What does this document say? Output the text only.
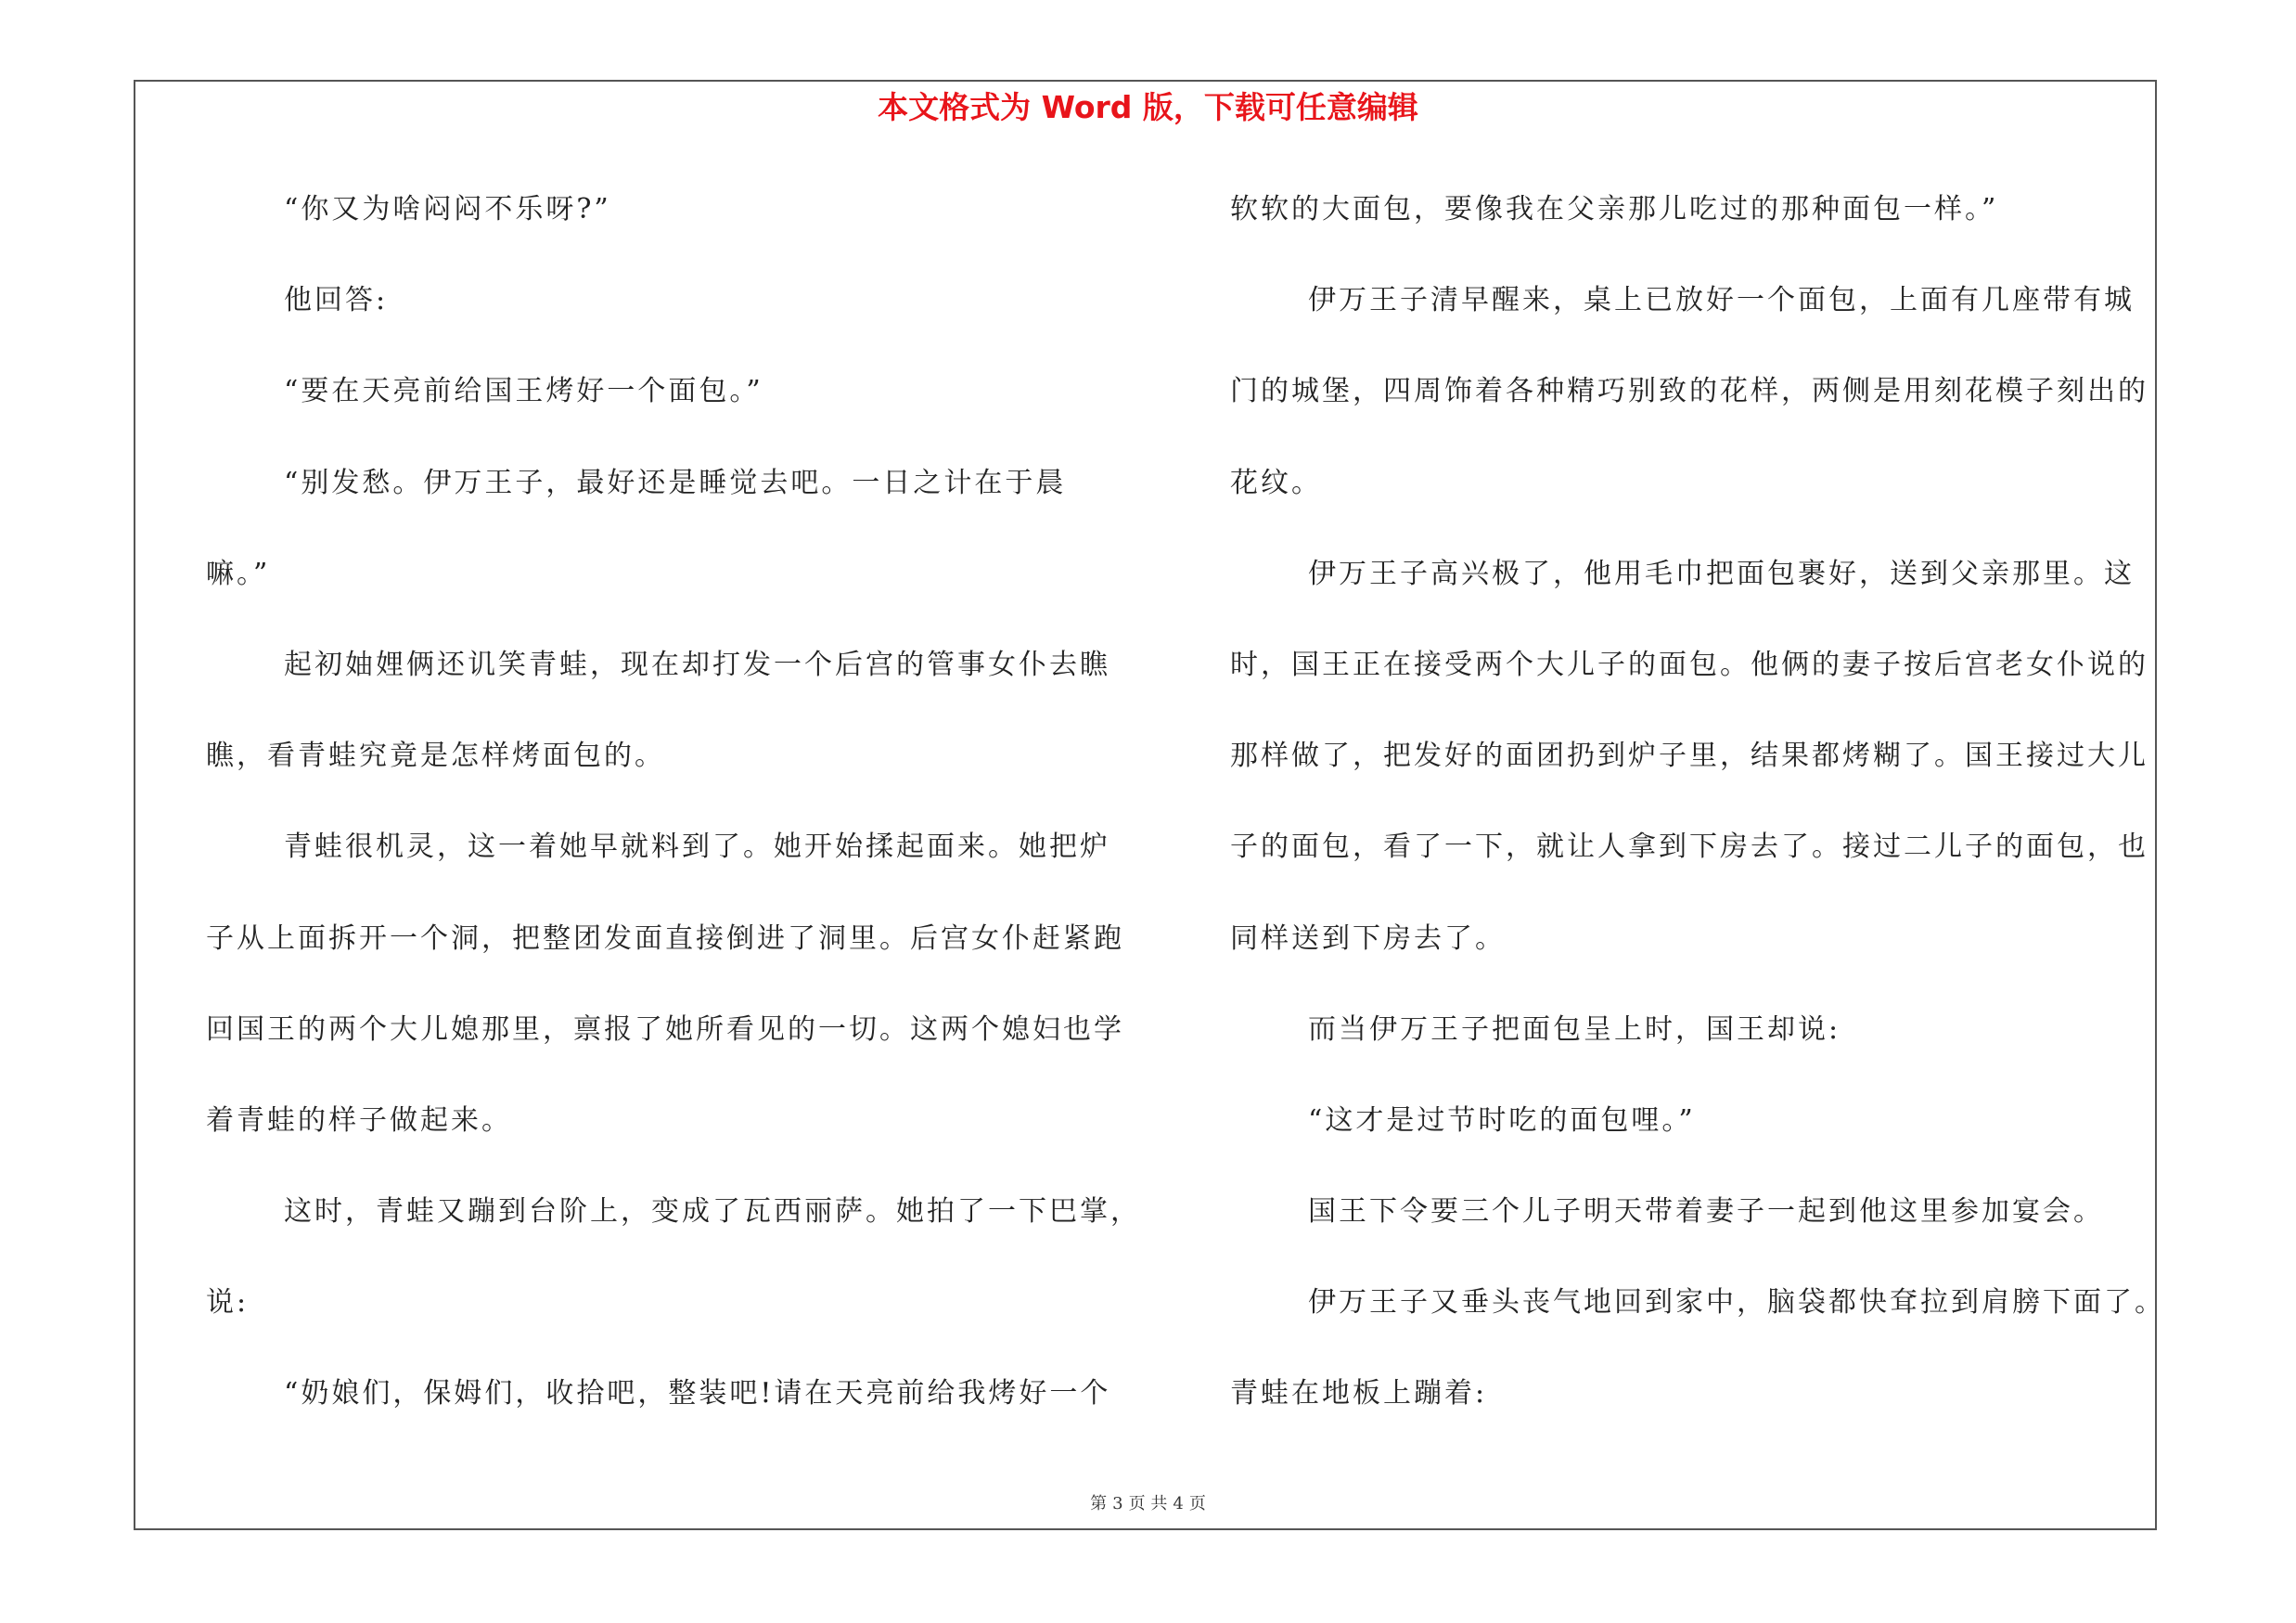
本文格式为 Word 版，下载可任意编辑

“你又为啥闷闷不乐呀?”

他回答:

“要在天亮前给国王烤好一个面包。”

“别发愁。伊万王子，最好还是睡觉去吧。一日之计在于晨

嘛。”

起初妯娌俩还讥笑青蛙，现在却打发一个后宫的管事女仆去瞧

瞧，看青蛙究竟是怎样烤面包的。

青蛙很机灵，这一着她早就料到了。她开始揉起面来。她把炉

子从上面拆开一个洞，把整团发面直接倒进了洞里。后宫女仆赶紧跑

回国王的两个大儿媳那里，禀报了她所看见的一切。这两个媳妇也学

着青蛙的样子做起来。

这时，青蛙又蹦到台阶上，变成了瓦西丽萨。她拍了一下巴掌，

说:

“奶娘们，保姆们，收拾吧，整装吧!请在天亮前给我烤好一个

软软的大面包，要像我在父亲那儿吃过的那种面包一样。”

伊万王子清早醒来，桌上已放好一个面包，上面有几座带有城

门的城堡，四周饰着各种精巧别致的花样，两侧是用刻花模子刻出的

花纹。

伊万王子高兴极了，他用毛巾把面包裹好，送到父亲那里。这

时，国王正在接受两个大儿子的面包。他俩的妻子按后宫老女仆说的

那样做了，把发好的面团扔到炉子里，结果都烤糊了。国王接过大儿

子的面包，看了一下，就让人拿到下房去了。接过二儿子的面包，也

同样送到下房去了。

而当伊万王子把面包呈上时，国王却说:

“这才是过节时吃的面包哩。”

国王下令要三个儿子明天带着妻子一起到他这里参加宴会。

伊万王子又垂头丧气地回到家中，脑袋都快耷拉到肩膀下面了。

青蛙在地板上蹦着:

第 3 页 共 4 页
